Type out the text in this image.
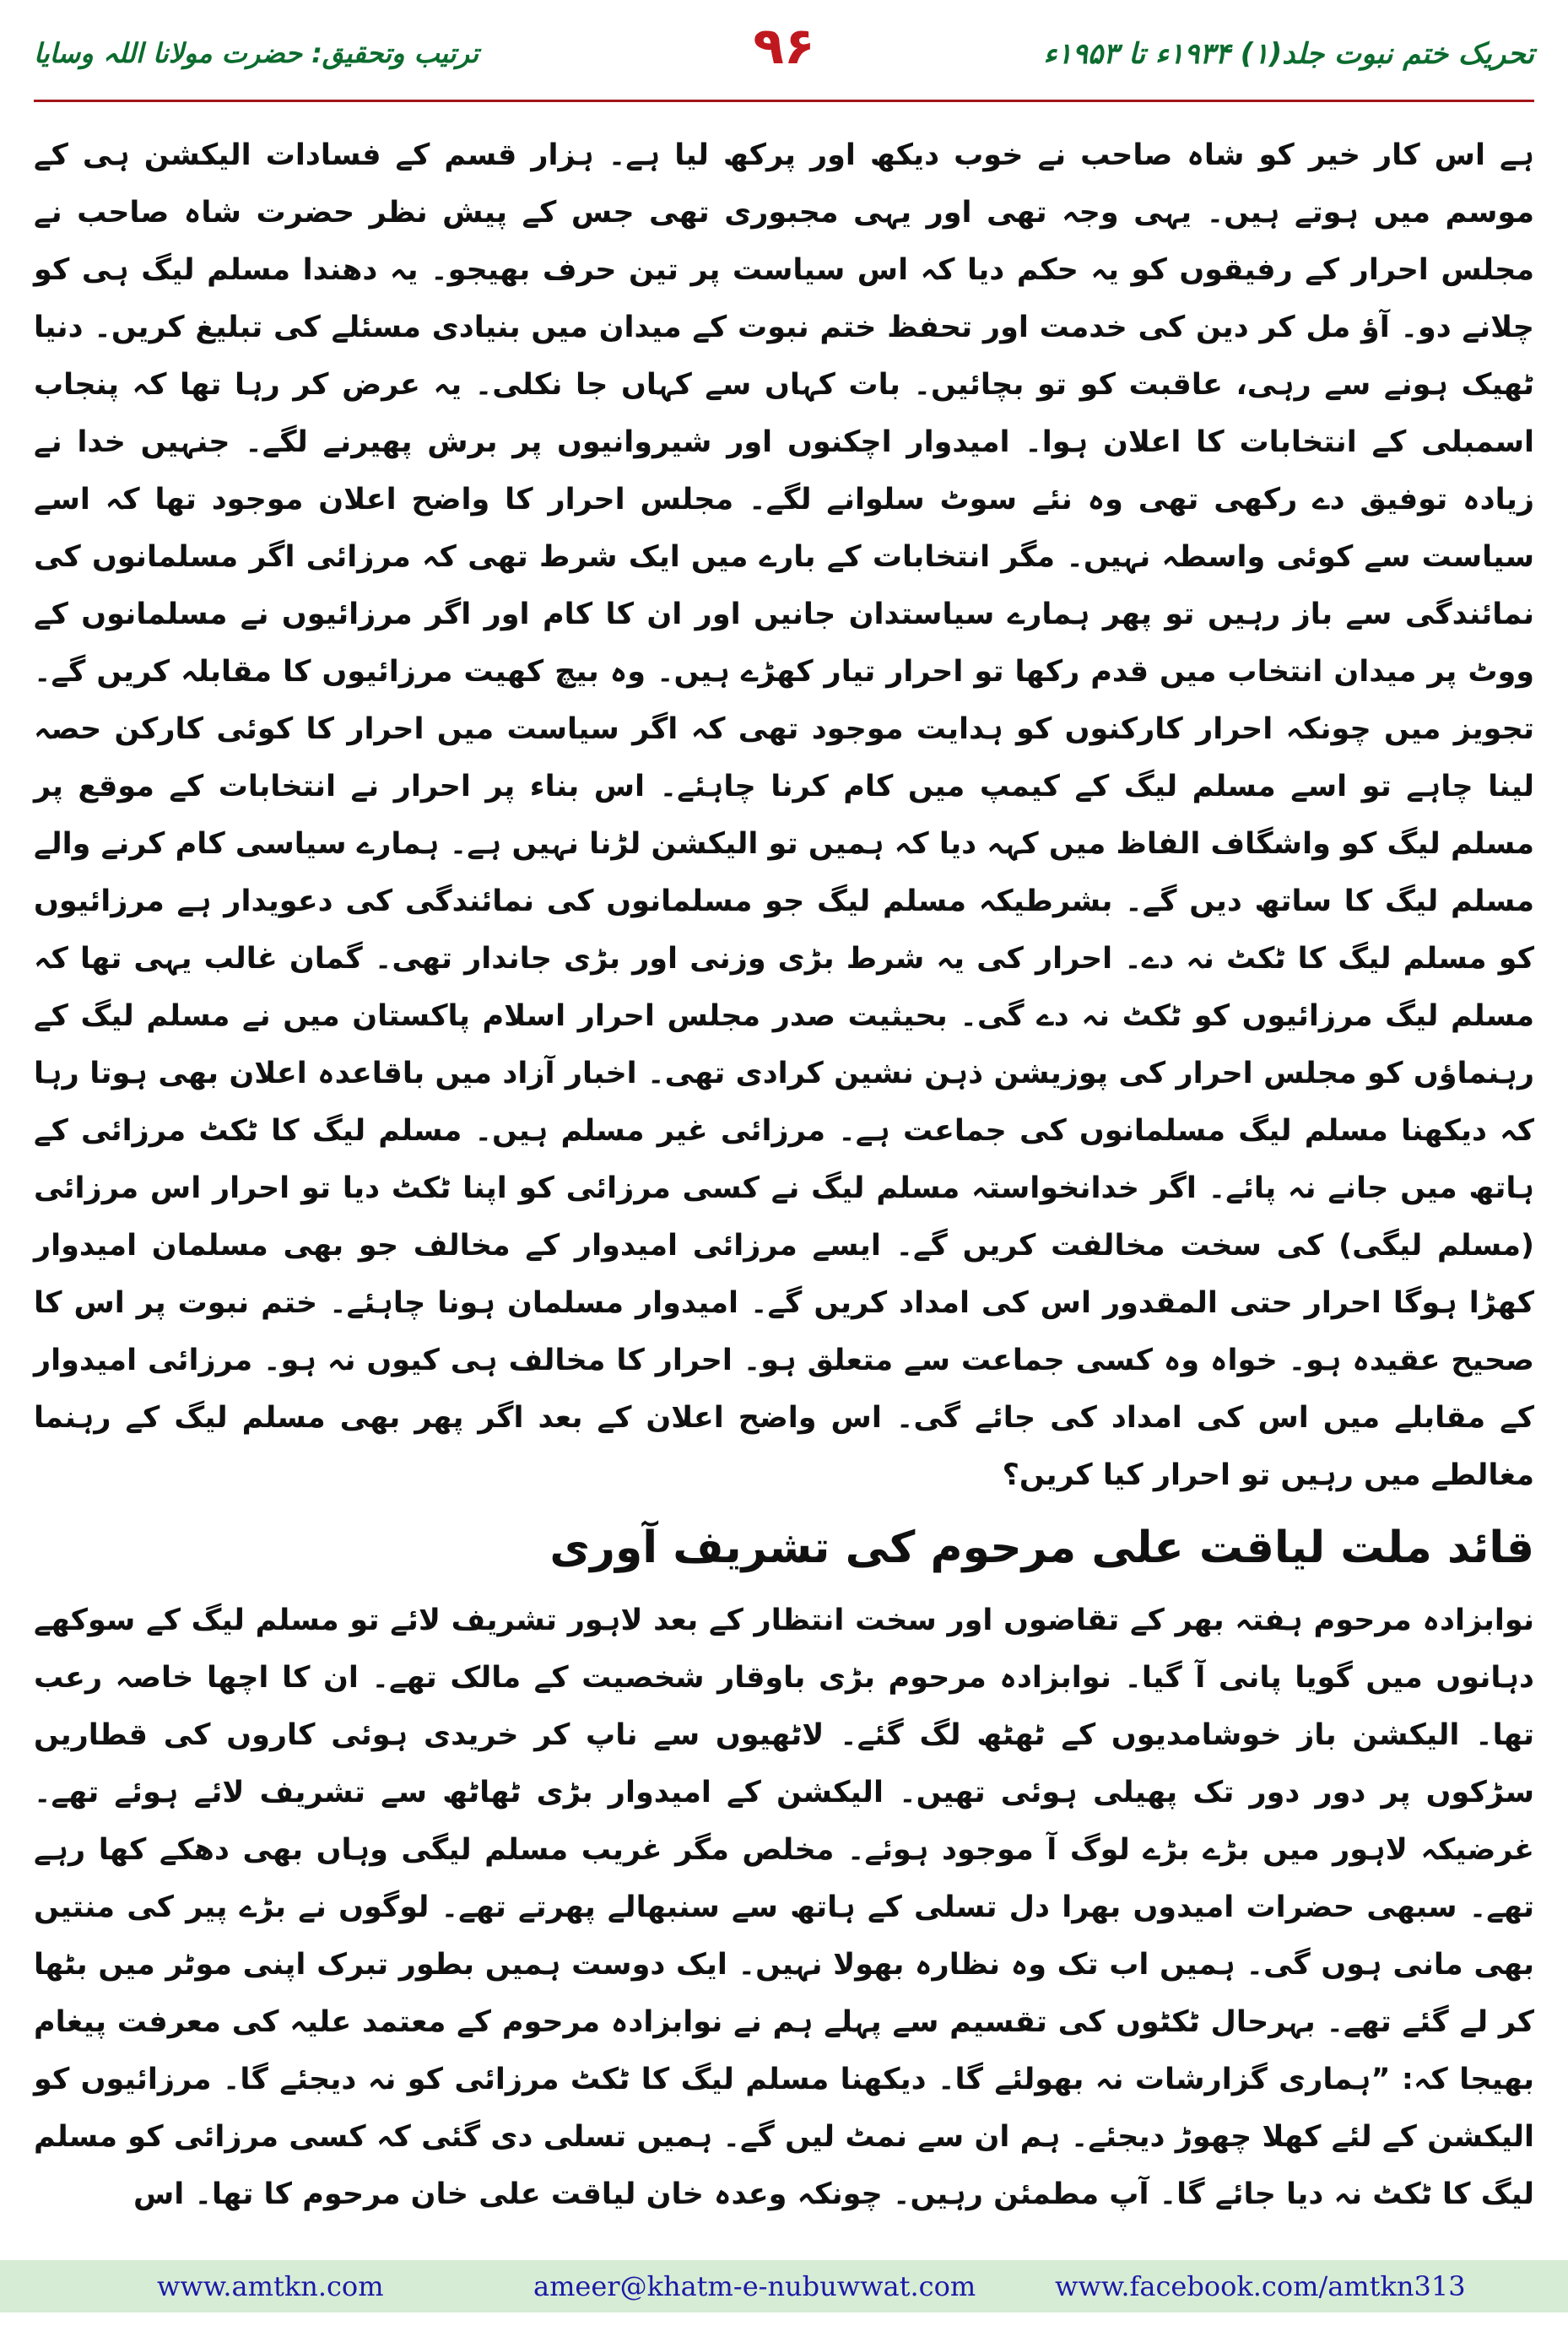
تحریک ختم نبوت جلد(۱) ۱۹۳۴ء تا ۱۹۵۳ء
۹۶
ترتیب وتحقیق: حضرت مولانا اللہ وسایا

ہے اس کار خیر کو شاہ صاحب نے خوب دیکھ اور پرکھ لیا ہے۔ ہزار قسم کے فسادات الیکشن ہی کے موسم میں ہوتے ہیں۔ یہی وجہ تھی اور یہی مجبوری تھی جس کے پیش نظر حضرت شاہ صاحب نے مجلس احرار کے رفیقوں کو یہ حکم دیا کہ اس سیاست پر تین حرف بھیجو۔ یہ دھندا مسلم لیگ ہی کو چلانے دو۔ آؤ مل کر دین کی خدمت اور تحفظ ختم نبوت کے میدان میں بنیادی مسئلے کی تبلیغ کریں۔ دنیا ٹھیک ہونے سے رہی، عاقبت کو تو بچائیں۔ بات کہاں سے کہاں جا نکلی۔ یہ عرض کر رہا تھا کہ پنجاب اسمبلی کے انتخابات کا اعلان ہوا۔ امیدوار اچکنوں اور شیروانیوں پر برش پھیرنے لگے۔ جنہیں خدا نے زیادہ توفیق دے رکھی تھی وہ نئے سوٹ سلوانے لگے۔ مجلس احرار کا واضح اعلان موجود تھا کہ اسے سیاست سے کوئی واسطہ نہیں۔ مگر انتخابات کے بارے میں ایک شرط تھی کہ مرزائی اگر مسلمانوں کی نمائندگی سے باز رہیں تو پھر ہمارے سیاستدان جانیں اور ان کا کام اور اگر مرزائیوں نے مسلمانوں کے ووٹ پر میدان انتخاب میں قدم رکھا تو احرار تیار کھڑے ہیں۔ وہ بیچ کھیت مرزائیوں کا مقابلہ کریں گے۔ تجویز میں چونکہ احرار کارکنوں کو ہدایت موجود تھی کہ اگر سیاست میں احرار کا کوئی کارکن حصہ لینا چاہے تو اسے مسلم لیگ کے کیمپ میں کام کرنا چاہئے۔ اس بناء پر احرار نے انتخابات کے موقع پر مسلم لیگ کو واشگاف الفاظ میں کہہ دیا کہ ہمیں تو الیکشن لڑنا نہیں ہے۔ ہمارے سیاسی کام کرنے والے مسلم لیگ کا ساتھ دیں گے۔ بشرطیکہ مسلم لیگ جو مسلمانوں کی نمائندگی کی دعویدار ہے مرزائیوں کو مسلم لیگ کا ٹکٹ نہ دے۔ احرار کی یہ شرط بڑی وزنی اور بڑی جاندار تھی۔ گمان غالب یہی تھا کہ مسلم لیگ مرزائیوں کو ٹکٹ نہ دے گی۔ بحیثیت صدر مجلس احرار اسلام پاکستان میں نے مسلم لیگ کے رہنماؤں کو مجلس احرار کی پوزیشن ذہن نشین کرادی تھی۔ اخبار آزاد میں باقاعدہ اعلان بھی ہوتا رہا کہ دیکھنا مسلم لیگ مسلمانوں کی جماعت ہے۔ مرزائی غیر مسلم ہیں۔ مسلم لیگ کا ٹکٹ مرزائی کے ہاتھ میں جانے نہ پائے۔ اگر خدانخواستہ مسلم لیگ نے کسی مرزائی کو اپنا ٹکٹ دیا تو احرار اس مرزائی (مسلم لیگی) کی سخت مخالفت کریں گے۔ ایسے مرزائی امیدوار کے مخالف جو بھی مسلمان امیدوار کھڑا ہوگا احرار حتی المقدور اس کی امداد کریں گے۔ امیدوار مسلمان ہونا چاہئے۔ ختم نبوت پر اس کا صحیح عقیدہ ہو۔ خواہ وہ کسی جماعت سے متعلق ہو۔ احرار کا مخالف ہی کیوں نہ ہو۔ مرزائی امیدوار کے مقابلے میں اس کی امداد کی جائے گی۔ اس واضح اعلان کے بعد اگر پھر بھی مسلم لیگ کے رہنما مغالطے میں رہیں تو احرار کیا کریں؟

قائد ملت لیاقت علی مرحوم کی تشریف آوری

نوابزادہ مرحوم ہفتہ بھر کے تقاضوں اور سخت انتظار کے بعد لاہور تشریف لائے تو مسلم لیگ کے سوکھے دہانوں میں گویا پانی آ گیا۔ نوابزادہ مرحوم بڑی باوقار شخصیت کے مالک تھے۔ ان کا اچھا خاصہ رعب تھا۔ الیکشن باز خوشامدیوں کے ٹھٹھ لگ گئے۔ لاٹھیوں سے ناپ کر خریدی ہوئی کاروں کی قطاریں سڑکوں پر دور دور تک پھیلی ہوئی تھیں۔ الیکشن کے امیدوار بڑی ٹھاٹھ سے تشریف لائے ہوئے تھے۔ غرضیکہ لاہور میں بڑے بڑے لوگ آ موجود ہوئے۔ مخلص مگر غریب مسلم لیگی وہاں بھی دھکے کھا رہے تھے۔ سبھی حضرات امیدوں بھرا دل تسلی کے ہاتھ سے سنبھالے پھرتے تھے۔ لوگوں نے بڑے پیر کی منتیں بھی مانی ہوں گی۔ ہمیں اب تک وہ نظارہ بھولا نہیں۔ ایک دوست ہمیں بطور تبرک اپنی موٹر میں بٹھا کر لے گئے تھے۔ بہرحال ٹکٹوں کی تقسیم سے پہلے ہم نے نوابزادہ مرحوم کے معتمد علیہ کی معرفت پیغام بھیجا کہ: ”ہماری گزارشات نہ بھولئے گا۔ دیکھنا مسلم لیگ کا ٹکٹ مرزائی کو نہ دیجئے گا۔ مرزائیوں کو الیکشن کے لئے کھلا چھوڑ دیجئے۔ ہم ان سے نمٹ لیں گے۔ ہمیں تسلی دی گئی کہ کسی مرزائی کو مسلم لیگ کا ٹکٹ نہ دیا جائے گا۔ آپ مطمئن رہیں۔ چونکہ وعدہ خان لیاقت علی خان مرحوم کا تھا۔ اس

www.amtkn.com	ameer@khatm-e-nubuwwat.com	www.facebook.com/amtkn313
